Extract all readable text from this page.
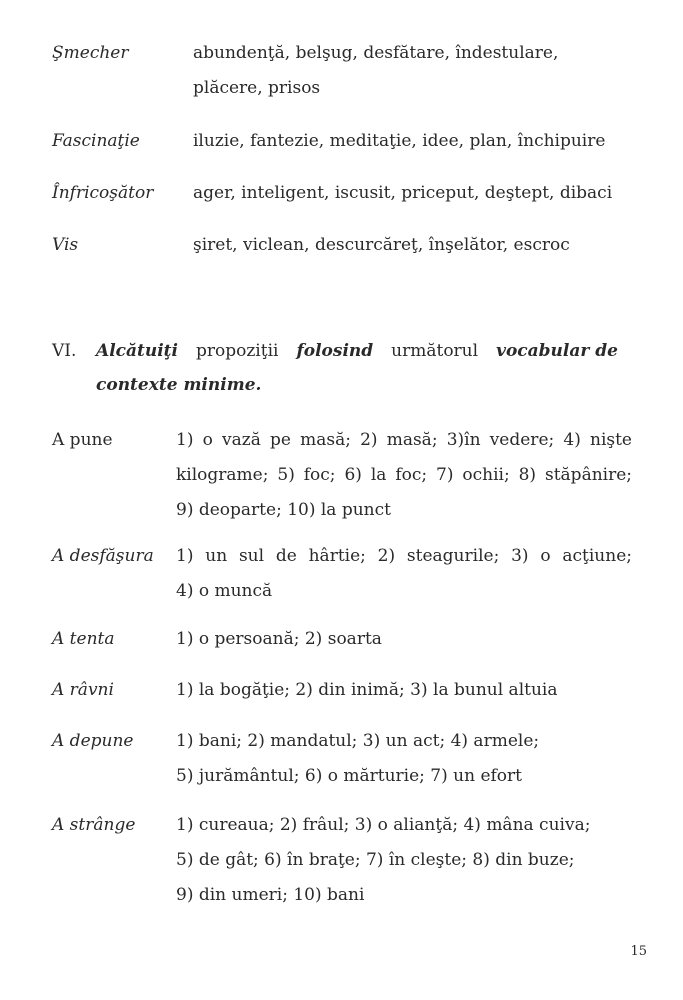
Şmecher	abundenţă, belşug, desfătare, îndestulare,
plăcere, prisos
Fascinaţie	iluzie, fantezie, meditaţie, idee, plan, închipuire
Înfricoşător ager, inteligent, iscusit, priceput, deştept, dibaci
Vis	şiret, viclean, descurcăreţ, înşelător, escroc
VI. Alcătuiţi propoziţii folosind următorul vocabular de
contexte minime.
A pune	1) o vază pe masă; 2) masă; 3)în vedere; 4) nişte
kilograme; 5) foc; 6) la foc; 7) ochii; 8) stăpânire;
9) deoparte; 10) la punct
A desfăşura 1) un sul de hârtie; 2) steagurile; 3) o acţiune;
4) o muncă
A tenta	1) o persoană; 2) soarta
A râvni	1) la bogăţie; 2) din inimă; 3) la bunul altuia
A depune	1) bani; 2) mandatul; 3) un act; 4) armele;
5) jurământul; 6) o mărturie; 7) un efort
A strânge 1) cureaua; 2) frâul; 3) o alianţă; 4) mâna cuiva;
5) de gât; 6) în braţe; 7) în cleşte; 8) din buze;
9) din umeri; 10) bani
15
